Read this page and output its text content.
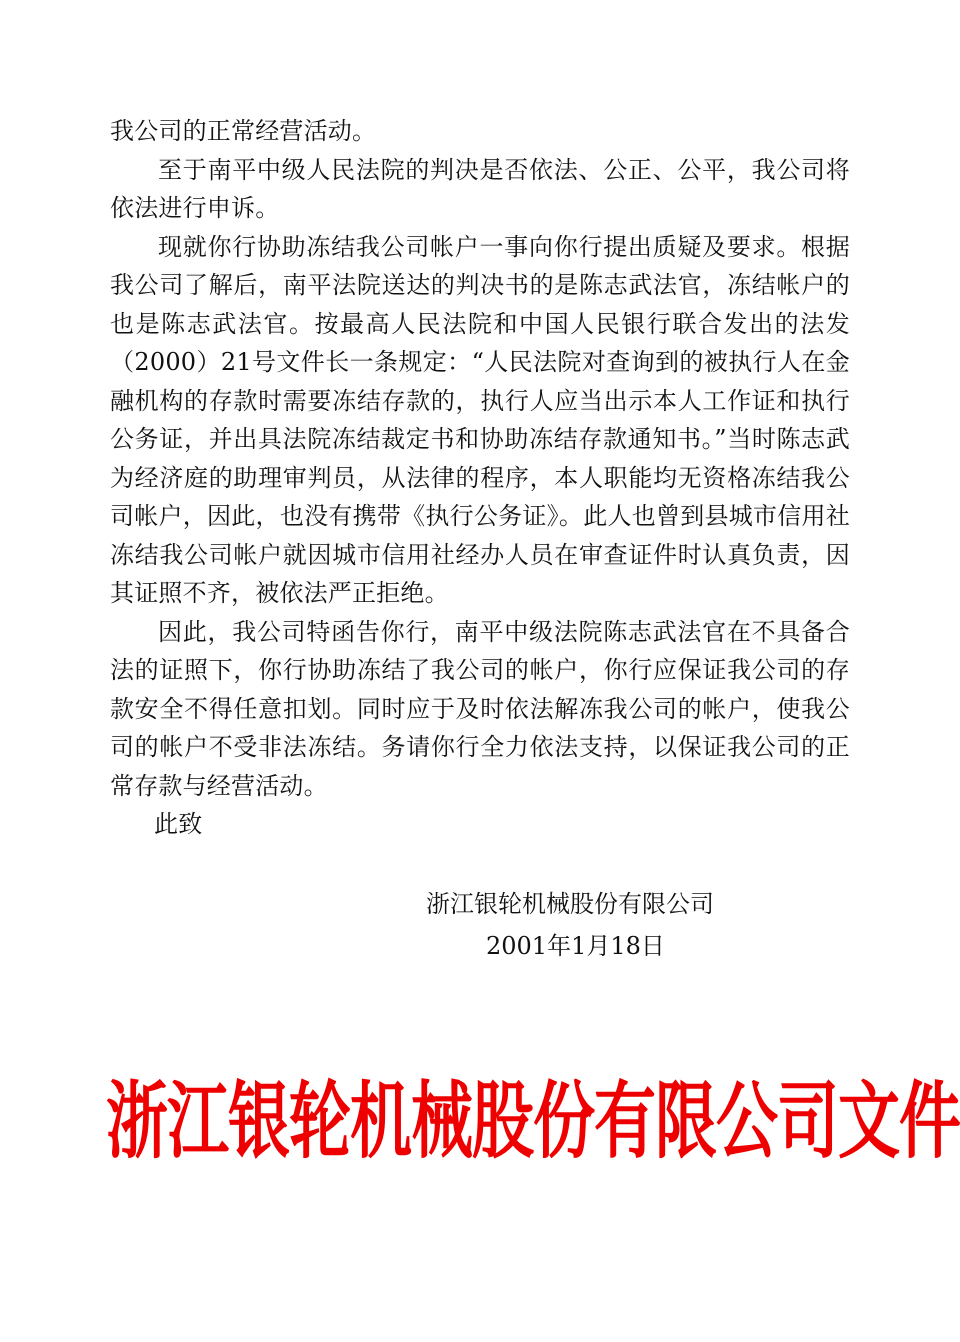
我公司的正常经营活动。

至于南平中级人民法院的判决是否依法、公正、公平，我公司将依法进行申诉。

现就你行协助冻结我公司帐户一事向你行提出质疑及要求。根据我公司了解后，南平法院送达的判决书的是陈志武法官，冻结帐户的也是陈志武法官。按最高人民法院和中国人民银行联合发出的法发（2000）21号文件长一条规定：“人民法院对查询到的被执行人在金融机构的存款时需要冻结存款的，执行人应当出示本人工作证和执行公务证，并出具法院冻结裁定书和协助冻结存款通知书。”当时陈志武为经济庭的助理审判员，从法律的程序，本人职能均无资格冻结我公司帐户，因此，也没有携带《执行公务证》。此人也曾到县城市信用社冻结我公司帐户就因城市信用社经办人员在审查证件时认真负责，因其证照不齐，被依法严正拒绝。

因此，我公司特函告你行，南平中级法院陈志武法官在不具备合法的证照下，你行协助冻结了我公司的帐户，你行应保证我公司的存款安全不得任意扣划。同时应于及时依法解冻我公司的帐户，使我公司的帐户不受非法冻结。务请你行全力依法支持，以保证我公司的正常存款与经营活动。

此致

浙江银轮机械股份有限公司
2001年1月18日
浙江银轮机械股份有限公司文件
